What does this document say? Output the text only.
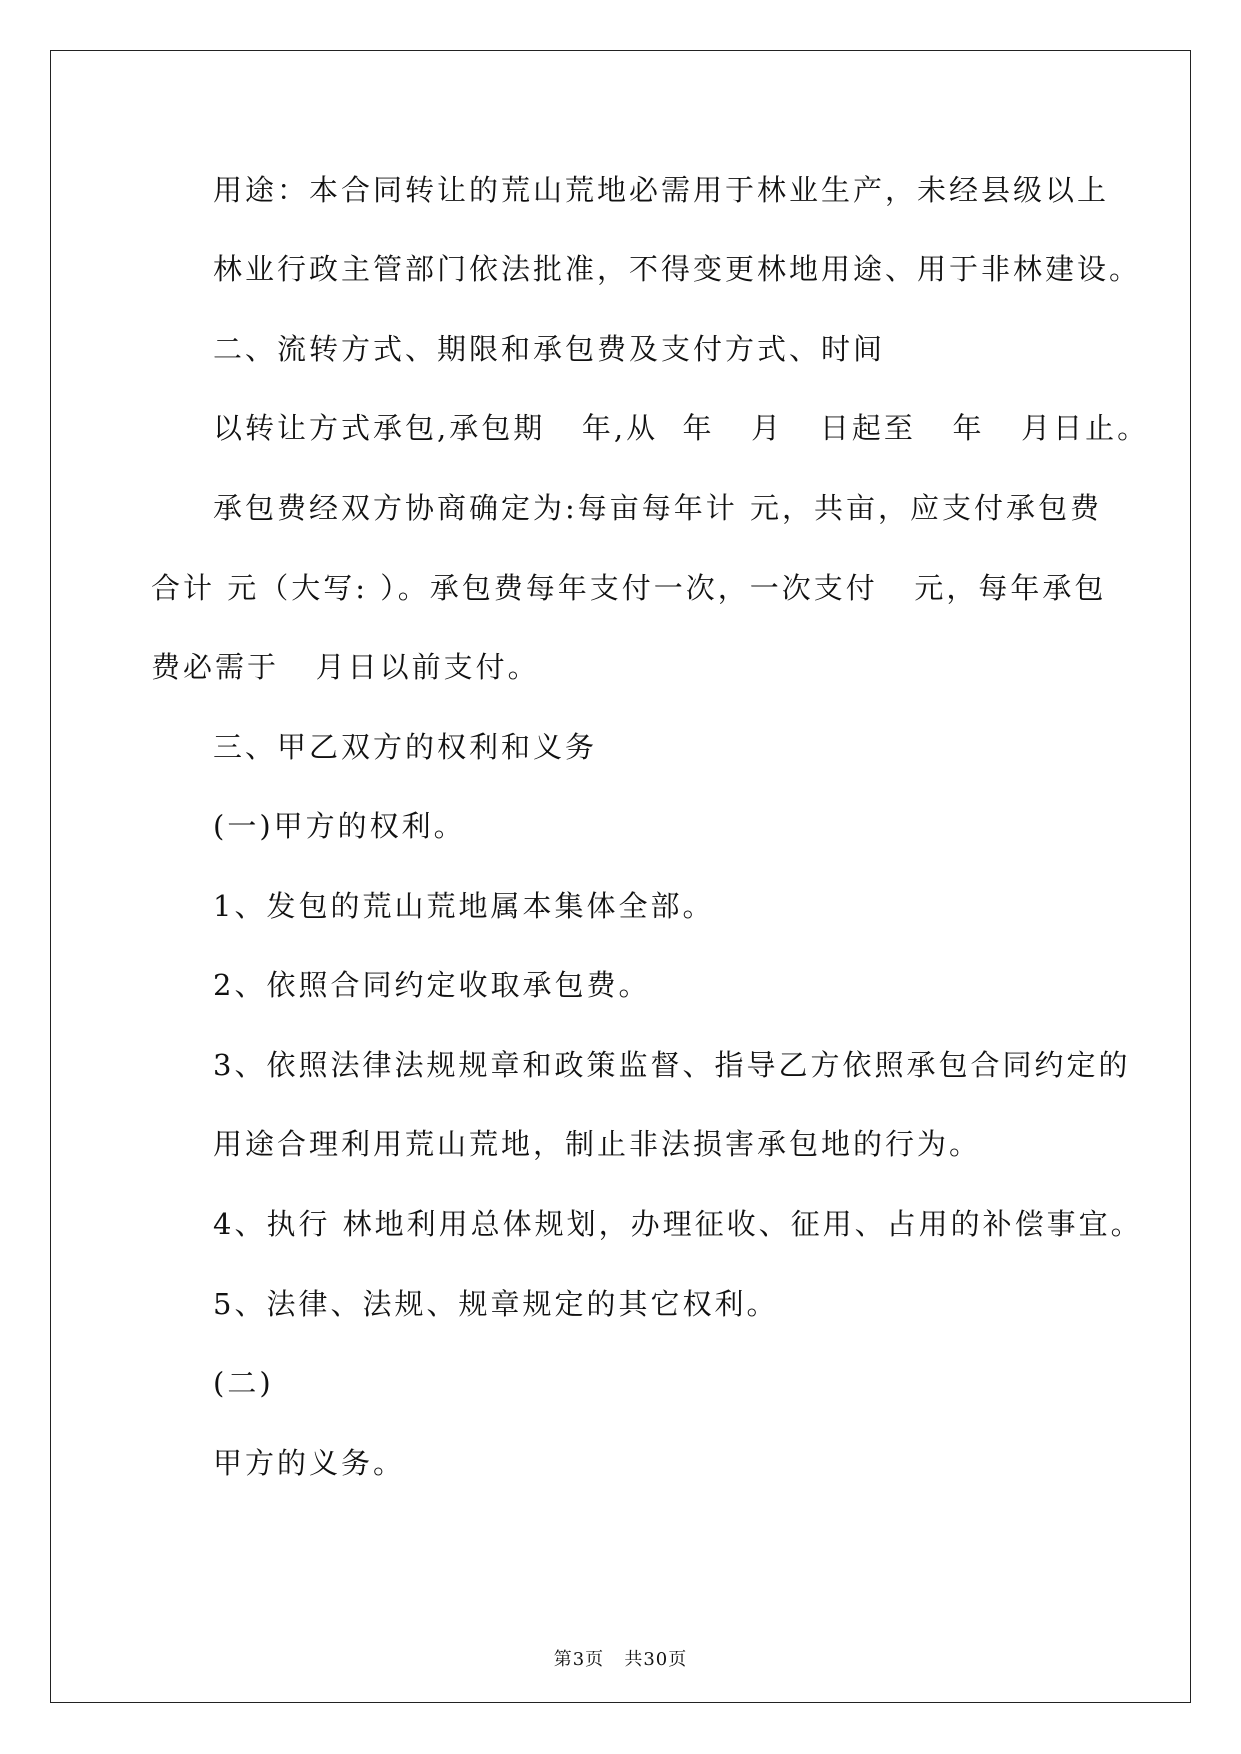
用途：本合同转让的荒山荒地必需用于林业生产，未经县级以上
林业行政主管部门依法批准，不得变更林地用途、用于非林建设。
二、流转方式、期限和承包费及支付方式、时间
以转让方式承包,承包期   年,从  年   月   日起至   年   月日止。
承包费经双方协商确定为:每亩每年计 元，共亩，应支付承包费
合计 元（大写: ）。承包费每年支付一次，一次支付   元，每年承包
费必需于   月日以前支付。
三、甲乙双方的权利和义务
(一)甲方的权利。
1、发包的荒山荒地属本集体全部。
2、依照合同约定收取承包费。
3、依照法律法规规章和政策监督、指导乙方依照承包合同约定的
用途合理利用荒山荒地，制止非法损害承包地的行为。
4、执行 林地利用总体规划，办理征收、征用、占用的补偿事宜。
5、法律、法规、规章规定的其它权利。
(二)
甲方的义务。
第3页   共30页
